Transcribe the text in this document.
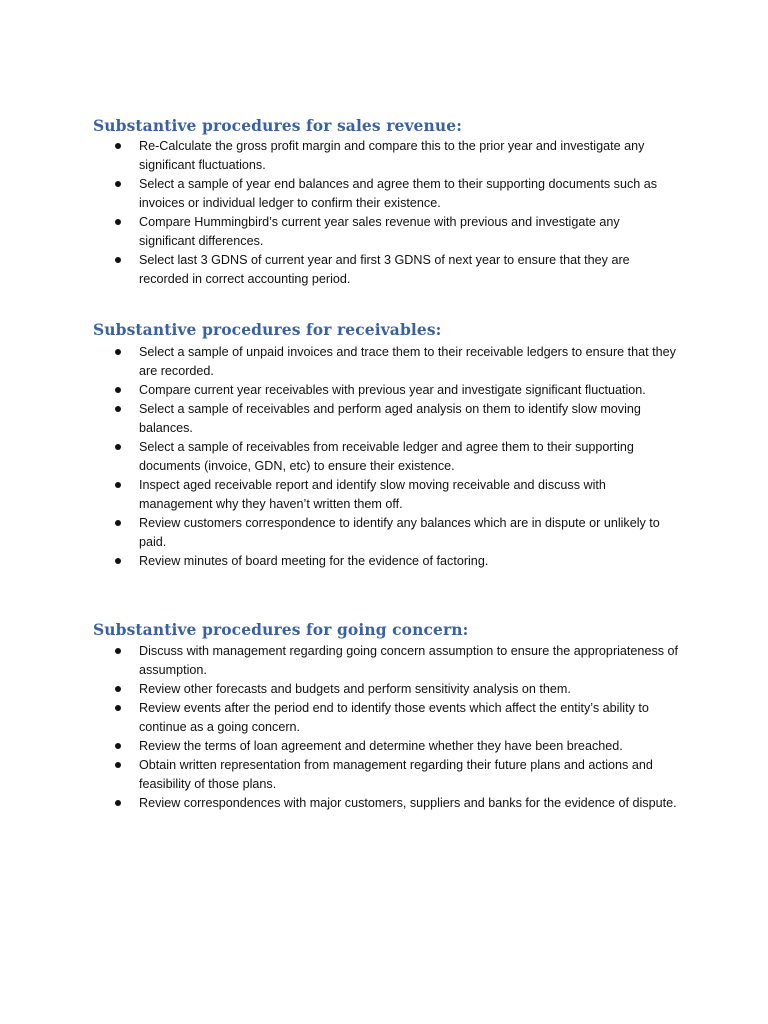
Substantive procedures for sales revenue:
Re-Calculate the gross profit margin and compare this to the prior year and investigate any significant fluctuations.
Select a sample of year end balances and agree them to their supporting documents such as invoices or individual ledger to confirm their existence.
Compare Hummingbird’s current year sales revenue with previous and investigate any significant differences.
Select last 3 GDNS of current year and first 3 GDNS of next year to ensure that they are recorded in correct accounting period.
Substantive procedures for receivables:
Select a sample of unpaid invoices and trace them to their receivable ledgers to ensure that they are recorded.
Compare current year receivables with previous year and investigate significant fluctuation.
Select a sample of receivables and perform aged analysis on them to identify slow moving balances.
Select a sample of receivables from receivable ledger and agree them to their supporting documents (invoice, GDN, etc) to ensure their existence.
Inspect aged receivable report and identify slow moving receivable and discuss with management why they haven’t written them off.
Review customers correspondence to identify any balances which are in dispute or unlikely to paid.
Review minutes of board meeting for the evidence of factoring.
Substantive procedures for going concern:
Discuss with management regarding going concern assumption to ensure the appropriateness of assumption.
Review other forecasts and budgets and perform sensitivity analysis on them.
Review events after the period end to identify those events which affect the entity’s ability to continue as a going concern.
Review the terms of loan agreement and determine whether they have been breached.
Obtain written representation from management regarding their future plans and actions and feasibility of those plans.
Review correspondences with major customers, suppliers and banks for the evidence of dispute.
